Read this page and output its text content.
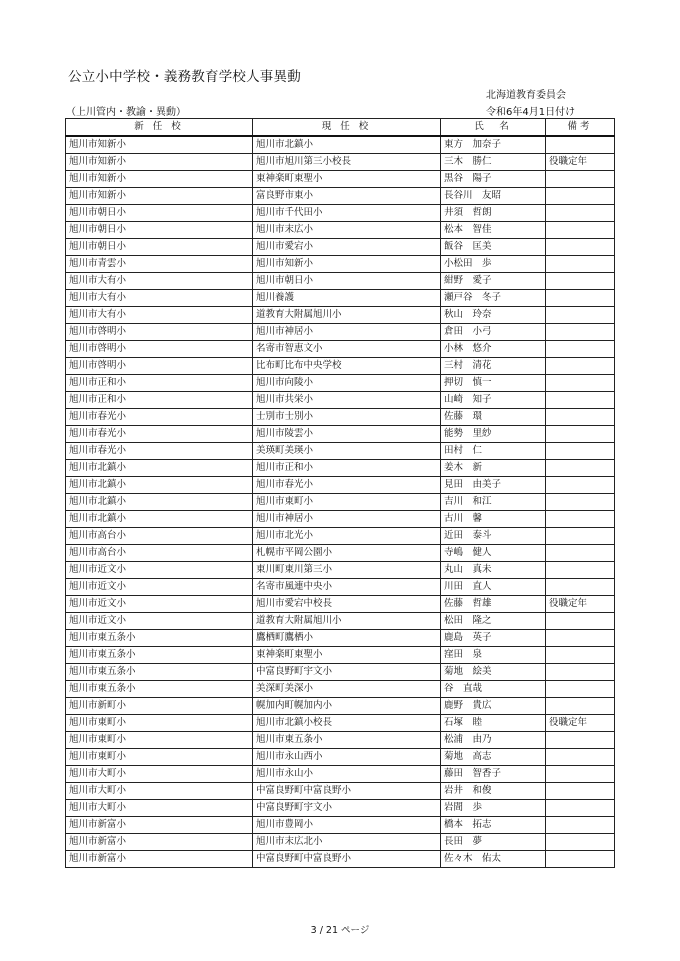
公立小中学校・義務教育学校人事異動
北海道教育委員会
（上川管内・教諭・異動）	令和6年4月1日付け
新 任 校	現 任 校	氏　名	備考
旭川市知新小	旭川市北鎮小	東方　加奈子	
旭川市知新小	旭川市旭川第三小校長	三木　勝仁	役職定年
旭川市知新小	東神楽町東聖小	黒谷　陽子	
旭川市知新小	富良野市東小	長谷川　友昭	
旭川市朝日小	旭川市千代田小	井須　哲朗	
旭川市朝日小	旭川市末広小	松本　智佳	
旭川市朝日小	旭川市愛宕小	飯谷　匡美	
旭川市青雲小	旭川市知新小	小松田　歩	
旭川市大有小	旭川市朝日小	紺野　愛子	
旭川市大有小	旭川養護	瀬戸谷　冬子	
旭川市大有小	道教育大附属旭川小	秋山　玲奈	
旭川市啓明小	旭川市神居小	倉田　小弓	
旭川市啓明小	名寄市智恵文小	小林　悠介	
旭川市啓明小	比布町比布中央学校	三村　清花	
旭川市正和小	旭川市向陵小	押切　慎一	
旭川市正和小	旭川市共栄小	山崎　知子	
旭川市春光小	士別市士別小	佐藤　環	
旭川市春光小	旭川市陵雲小	能勢　里紗	
旭川市春光小	美瑛町美瑛小	田村　仁	
旭川市北鎮小	旭川市正和小	姜木　新	
旭川市北鎮小	旭川市春光小	見田　由美子	
旭川市北鎮小	旭川市東町小	吉川　和江	
旭川市北鎮小	旭川市神居小	古川　馨	
旭川市高台小	旭川市北光小	近田　泰斗	
旭川市高台小	札幌市平岡公園小	寺嶋　健人	
旭川市近文小	東川町東川第三小	丸山　真未	
旭川市近文小	名寄市風連中央小	川田　直人	
旭川市近文小	旭川市愛宕中校長	佐藤　哲雄	役職定年
旭川市近文小	道教育大附属旭川小	松田　隆之	
旭川市東五条小	鷹栖町鷹栖小	鹿島　英子	
旭川市東五条小	東神楽町東聖小	窪田　泉	
旭川市東五条小	中富良野町宇文小	菊地　絵美	
旭川市東五条小	美深町美深小	谷　直哉	
旭川市新町小	幌加内町幌加内小	鹿野　貴広	
旭川市東町小	旭川市北鎮小校長	石塚　睦	役職定年
旭川市東町小	旭川市東五条小	松浦　由乃	
旭川市東町小	旭川市永山西小	菊地　高志	
旭川市大町小	旭川市永山小	藤田　智香子	
旭川市大町小	中富良野町中富良野小	岩井　和俊	
旭川市大町小	中富良野町宇文小	岩間　歩	
旭川市新富小	旭川市豊岡小	橋本　拓志	
旭川市新富小	旭川市末広北小	長田　夢	
旭川市新富小	中富良野町中富良野小	佐々木　佑太	
3 / 21 ページ
